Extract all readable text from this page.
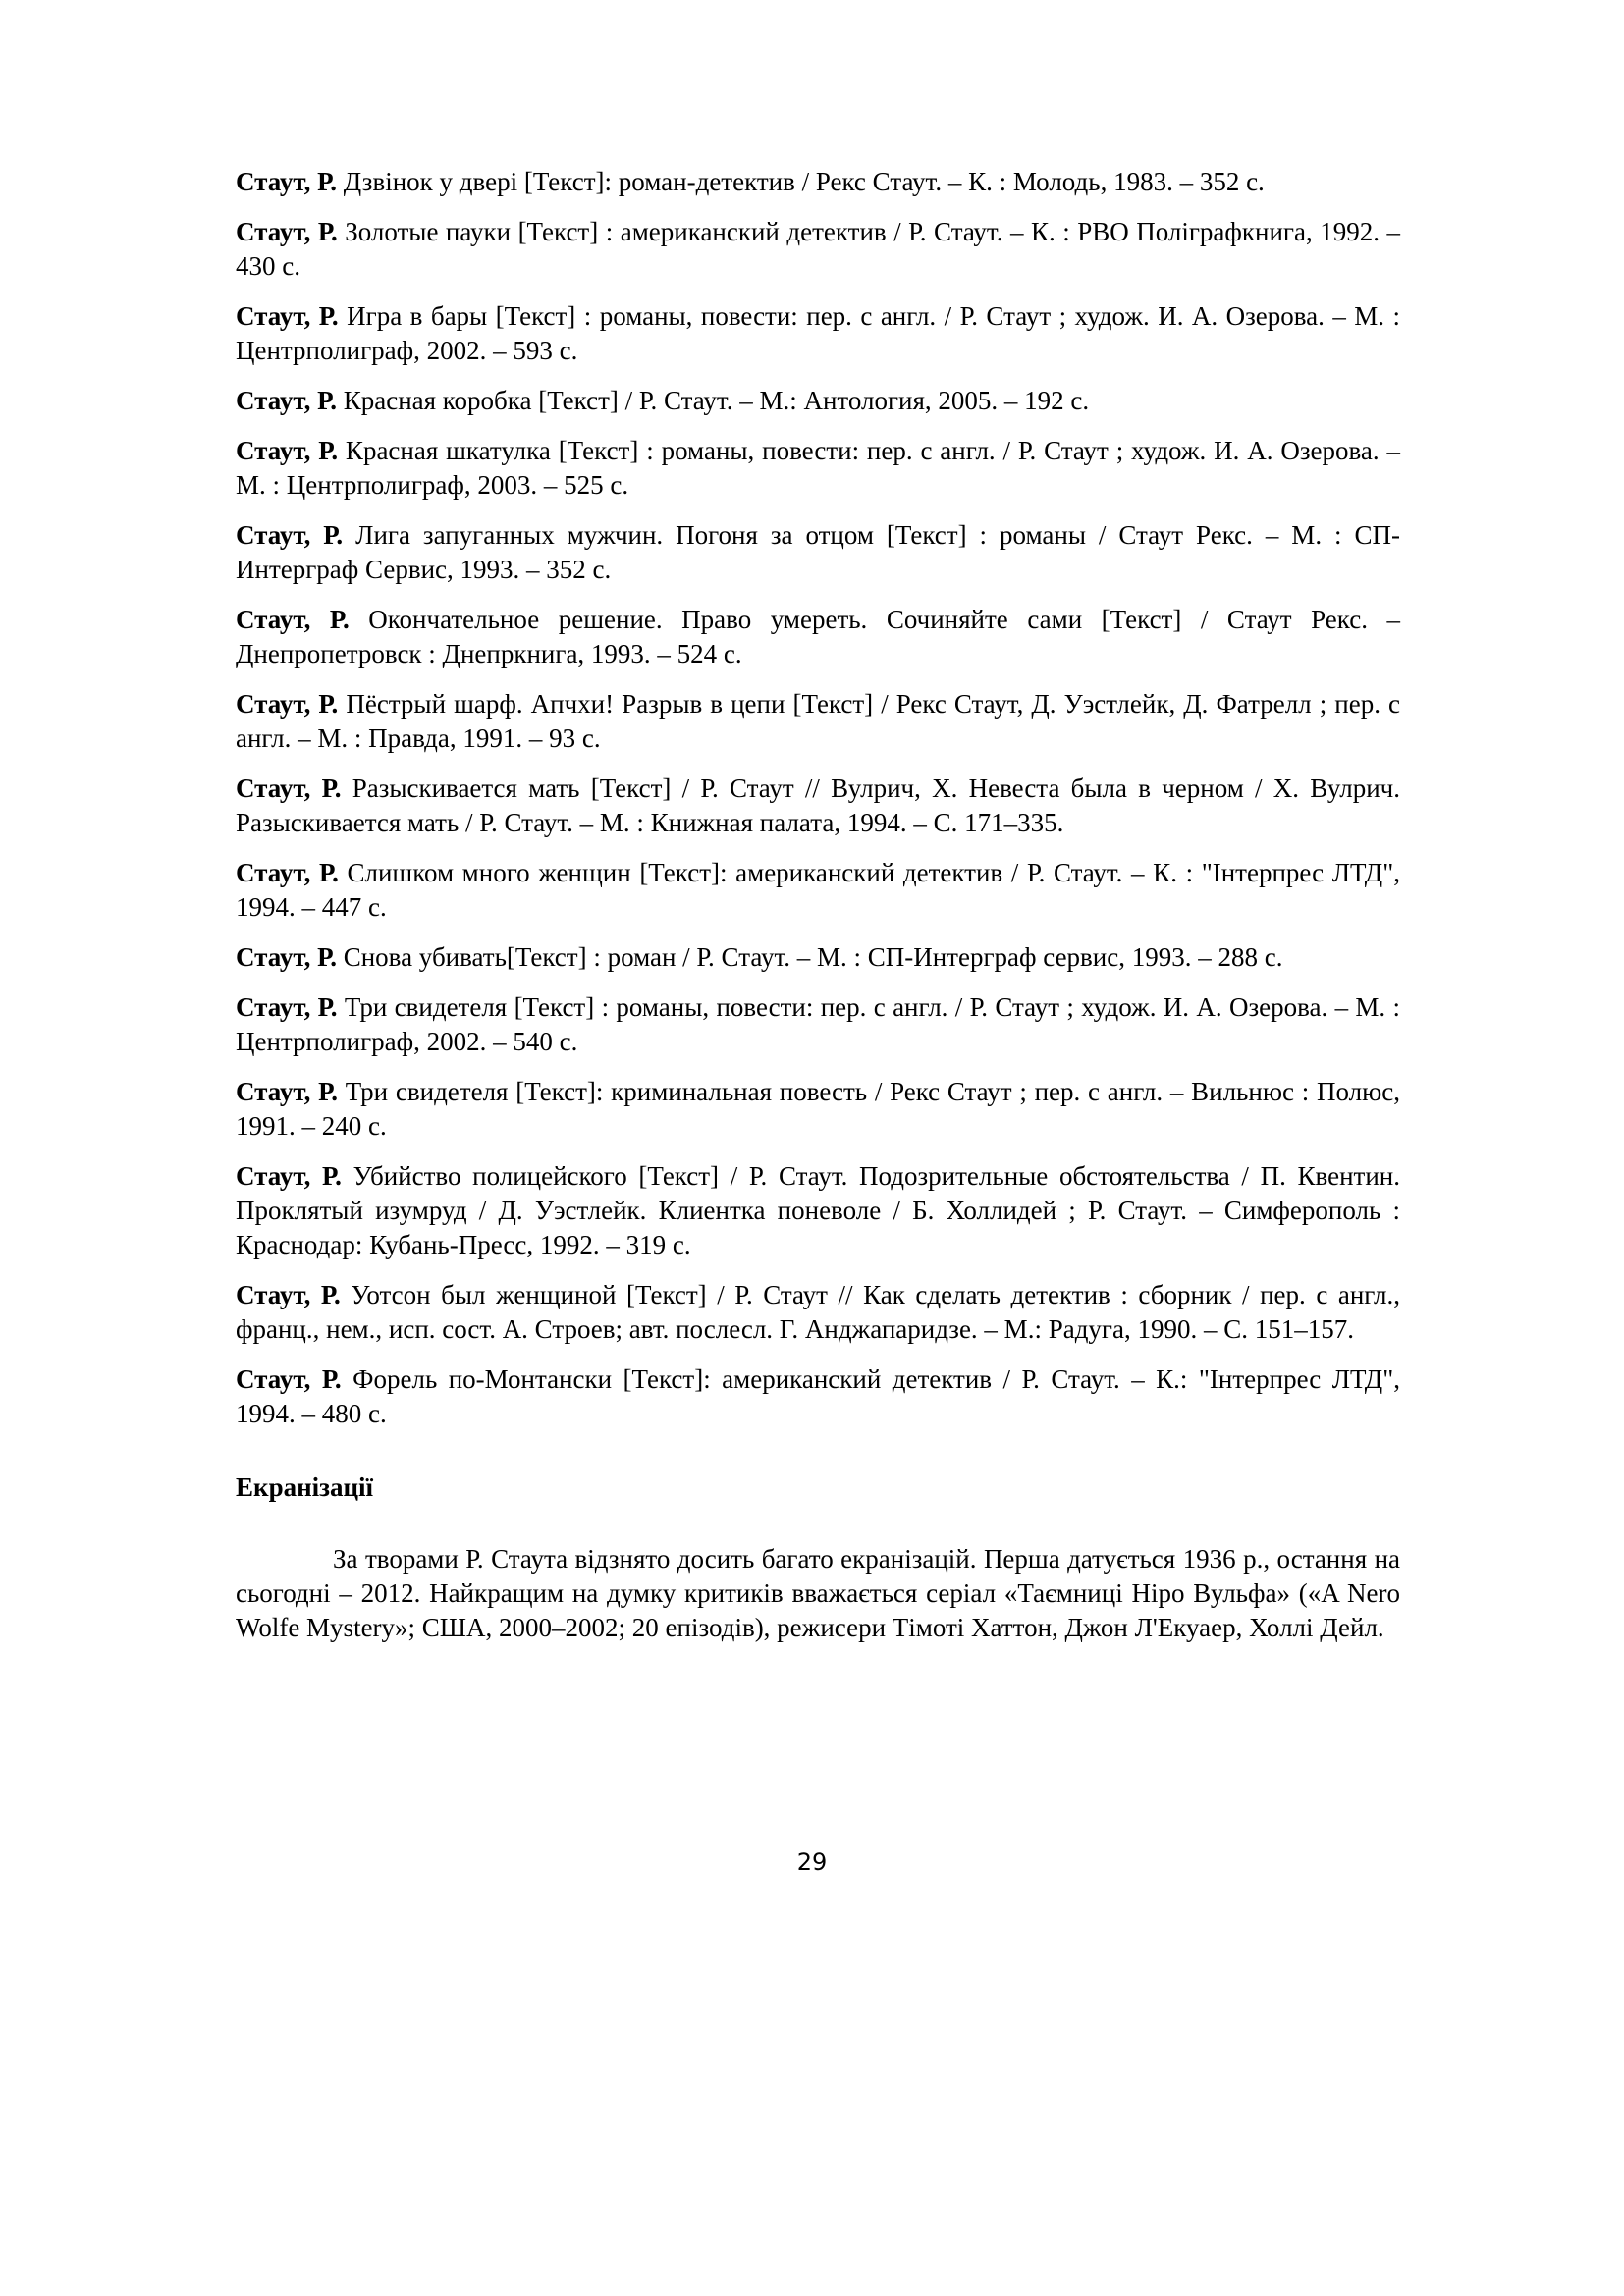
Стаут, Р. Дзвінок у двері [Текст]: роман-детектив / Рекс Стаут. – К. : Молодь, 1983. – 352 с.
Стаут, Р. Золотые пауки [Текст] : американский детектив / Р. Стаут. – К. : РВО Поліграфкнига, 1992. – 430 с.
Стаут, Р. Игра в бары [Текст] : романы, повести: пер. с англ. / Р. Стаут ; худож. И. А. Озерова. – М. : Центрполиграф, 2002. – 593 с.
Стаут, Р. Красная коробка [Текст] / Р. Стаут. – М.: Антология, 2005. – 192 с.
Стаут, Р. Красная шкатулка [Текст] : романы, повести: пер. с англ. / Р. Стаут ; худож. И. А. Озерова. – М. : Центрполиграф, 2003. – 525 с.
Стаут, Р. Лига запуганных мужчин. Погоня за отцом [Текст] : романы / Стаут Рекс. – М. : СП-Интерграф Сервис, 1993. – 352 с.
Стаут, Р. Окончательное решение. Право умереть. Сочиняйте сами [Текст] / Стаут Рекс. – Днепропетровск : Днепркнига, 1993. – 524 с.
Стаут, Р. Пёстрый шарф. Апчхи! Разрыв в цепи [Текст] / Рекс Стаут, Д. Уэстлейк, Д. Фатрелл ; пер. с англ. – М. : Правда, 1991. – 93 с.
Стаут, Р. Разыскивается мать [Текст] / Р. Стаут // Вулрич, Х. Невеста была в черном / Х. Вулрич. Разыскивается мать / Р. Стаут. – М. : Книжная палата, 1994. – С. 171–335.
Стаут, Р. Слишком много женщин [Текст]: американский детектив / Р. Стаут. – К. : "Інтерпрес ЛТД", 1994. – 447 с.
Стаут, Р. Снова убивать[Текст] : роман / Р. Стаут. – М. : СП-Интерграф сервис, 1993. – 288 с.
Стаут, Р. Три свидетеля [Текст] : романы, повести: пер. с англ. / Р. Стаут ; худож. И. А. Озерова. – М. : Центрполиграф, 2002. – 540 с.
Стаут, Р. Три свидетеля [Текст]: криминальная повесть / Рекс Стаут ; пер. с англ. – Вильнюс : Полюс, 1991. – 240 с.
Стаут, Р. Убийство полицейского [Текст] / Р. Стаут. Подозрительные обстоятельства / П. Квентин. Проклятый изумруд / Д. Уэстлейк. Клиентка поневоле / Б. Холлидей ; Р. Стаут. – Симферополь : Краснодар: Кубань-Пресс, 1992. – 319 с.
Стаут, Р. Уотсон был женщиной [Текст] / Р. Стаут // Как сделать детектив : сборник / пер. с англ., франц., нем., исп. сост. А. Строев; авт. послесл. Г. Анджапаридзе. – М.: Радуга, 1990. – С. 151–157.
Стаут, Р. Форель по-Монтански [Текст]: американский детектив / Р. Стаут. – К.: "Інтерпрес ЛТД", 1994. – 480 с.
Екранізації

За творами Р. Стаута відзнято досить багато екранізацій. Перша датується 1936 р., остання на сьогодні – 2012. Найкращим на думку критиків вважається серіал «Таємниці Ніро Вульфа» («A Nero Wolfe Mystery»; США, 2000–2002; 20 епізодів), режисери Тімоті Хаттон, Джон Л'Екуаер, Холлі Дейл.

29
